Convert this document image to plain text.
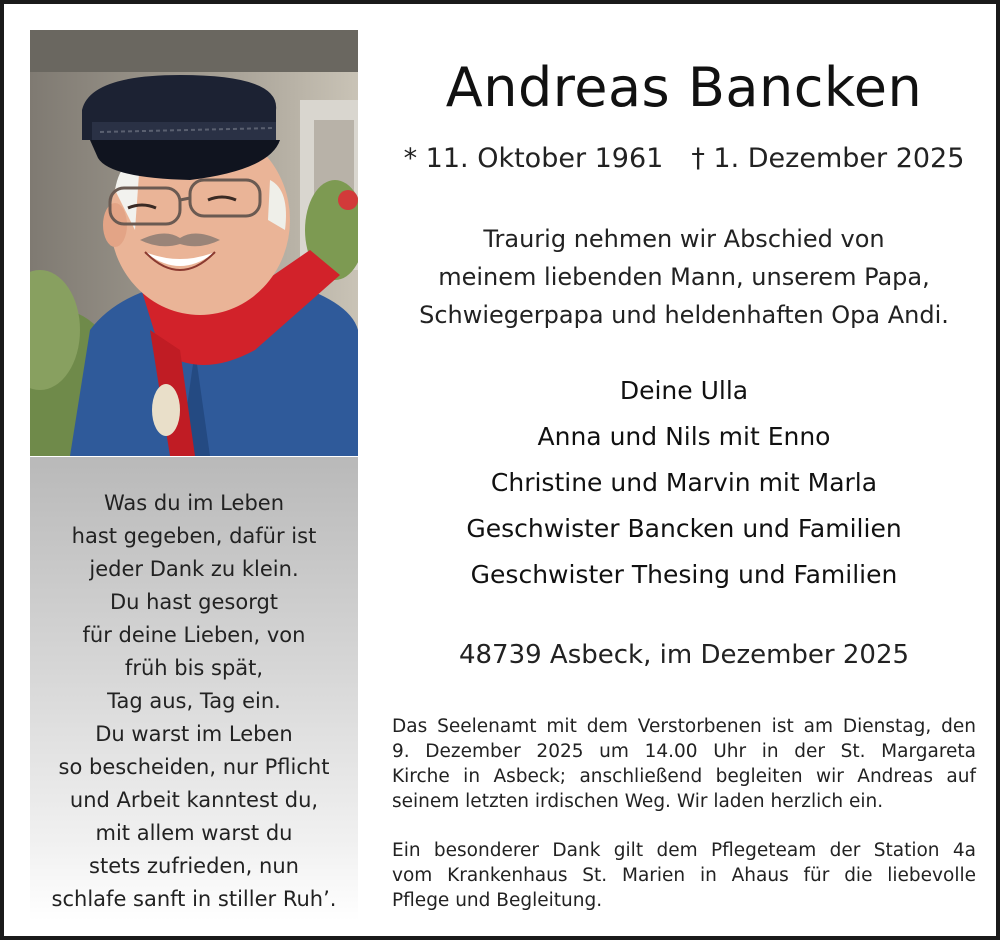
Was du im Leben
hast gegeben, dafür ist
jeder Dank zu klein.
Du hast gesorgt
für deine Lieben, von
früh bis spät,
Tag aus, Tag ein.
Du warst im Leben
so bescheiden, nur Pflicht
und Arbeit kanntest du,
mit allem warst du
stets zufrieden, nun
schlafe sanft in stiller Ruh’.
Andreas Bancken
* 11. Oktober 1961 † 1. Dezember 2025
Traurig nehmen wir Abschied von
meinem liebenden Mann, unserem Papa,
Schwiegerpapa und heldenhaften Opa Andi.
Deine Ulla
Anna und Nils mit Enno
Christine und Marvin mit Marla
Geschwister Bancken und Familien
Geschwister Thesing und Familien
48739 Asbeck, im Dezember 2025
Das Seelenamt mit dem Verstorbenen ist am Dienstag, den
9. Dezember 2025 um 14.00 Uhr in der St. Margareta
Kirche in Asbeck; anschließend begleiten wir Andreas auf
seinem letzten irdischen Weg. Wir laden herzlich ein.
Ein besonderer Dank gilt dem Pflegeteam der Station 4a
vom Krankenhaus St. Marien in Ahaus für die liebevolle
Pflege und Begleitung.
